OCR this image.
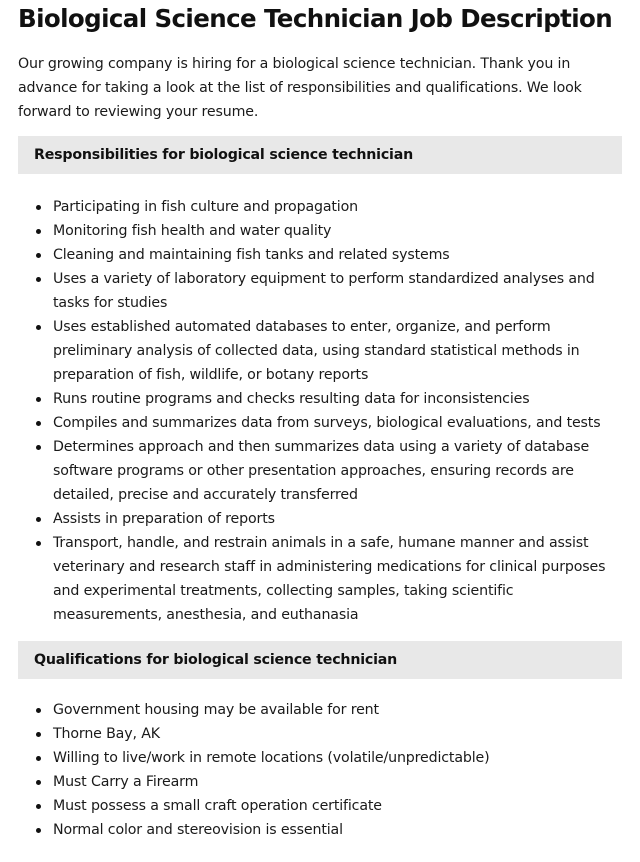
Biological Science Technician Job Description

Our growing company is hiring for a biological science technician. Thank you in advance for taking a look at the list of responsibilities and qualifications. We look forward to reviewing your resume.

Responsibilities for biological science technician
Participating in fish culture and propagation
Monitoring fish health and water quality
Cleaning and maintaining fish tanks and related systems
Uses a variety of laboratory equipment to perform standardized analyses and tasks for studies
Uses established automated databases to enter, organize, and perform preliminary analysis of collected data, using standard statistical methods in preparation of fish, wildlife, or botany reports
Runs routine programs and checks resulting data for inconsistencies
Compiles and summarizes data from surveys, biological evaluations, and tests
Determines approach and then summarizes data using a variety of database software programs or other presentation approaches, ensuring records are detailed, precise and accurately transferred
Assists in preparation of reports
Transport, handle, and restrain animals in a safe, humane manner and assist veterinary and research staff in administering medications for clinical purposes and experimental treatments, collecting samples, taking scientific measurements, anesthesia, and euthanasia
Qualifications for biological science technician
Government housing may be available for rent
Thorne Bay, AK
Willing to live/work in remote locations (volatile/unpredictable)
Must Carry a Firearm
Must possess a small craft operation certificate
Normal color and stereovision is essential
